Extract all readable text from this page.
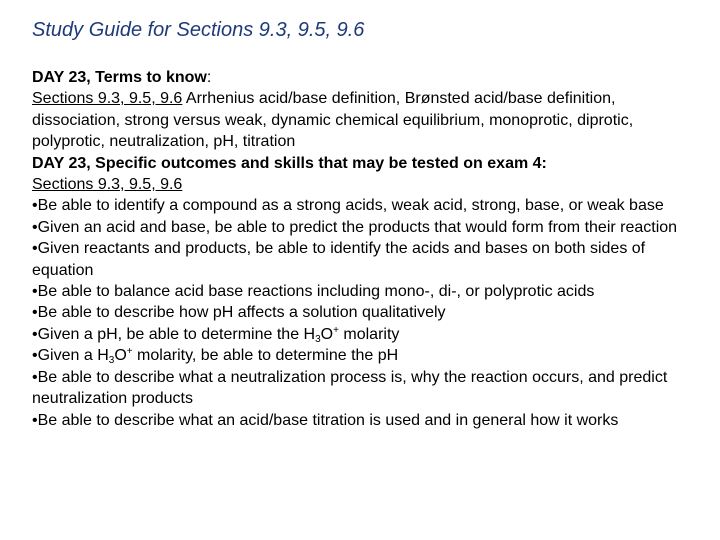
Study Guide for Sections 9.3, 9.5, 9.6

DAY 23, Terms to know:

Sections 9.3, 9.5, 9.6 Arrhenius acid/base definition, Brønsted acid/base definition, dissociation, strong versus weak, dynamic chemical equilibrium, monoprotic, diprotic, polyprotic, neutralization, pH, titration

DAY 23, Specific outcomes and skills that may be tested on exam 4:

Sections 9.3, 9.5, 9.6

•Be able to identify a compound as a strong acids, weak acid, strong, base, or weak base

•Given an acid and base, be able to predict the products that would form from their reaction

•Given reactants and products, be able to identify the acids and bases on both sides of equation

•Be able to balance acid base reactions including mono-, di-, or polyprotic acids

•Be able to describe how pH affects a solution qualitatively

•Given a pH, be able to determine the $H_3O^+$ molarity

•Given a $H_3O^+$ molarity, be able to determine the pH

•Be able to describe what a neutralization process is, why the reaction occurs, and predict neutralization products

•Be able to describe what an acid/base titration is used and in general how it works
